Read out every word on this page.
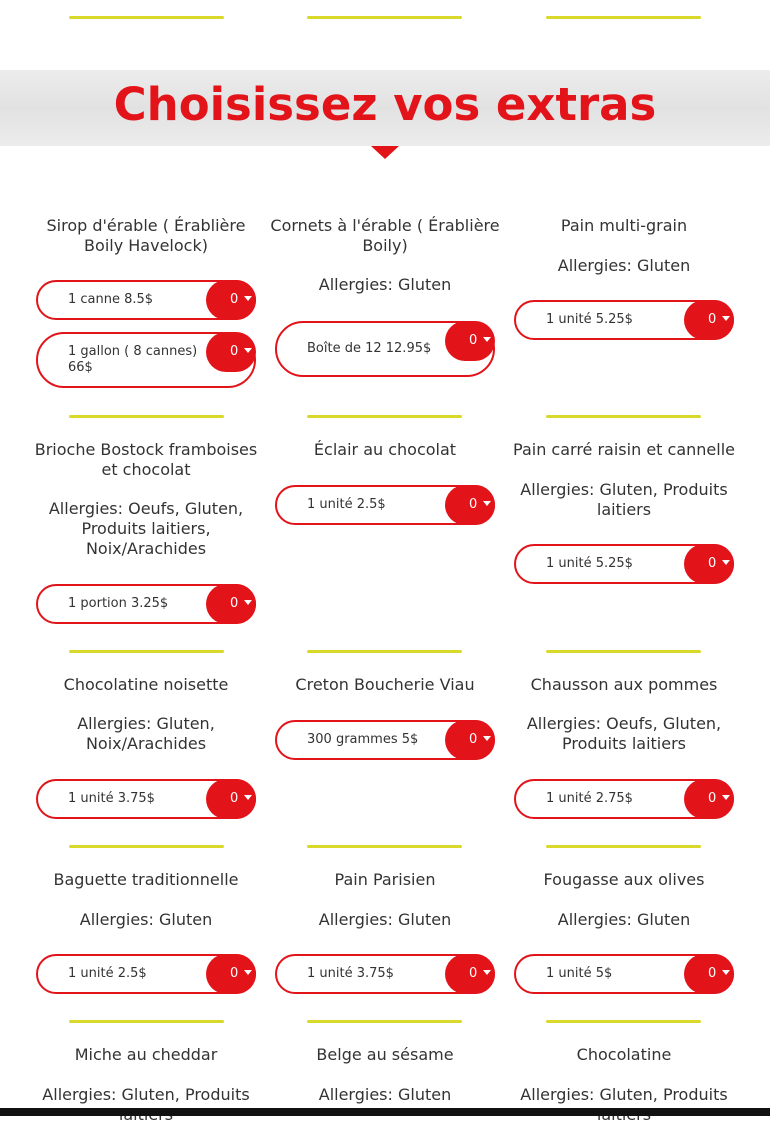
Choisissez vos extras
Sirop d'érable ( Érablière Boily Havelock)
1 canne 8.5$	0
1 gallon ( 8 cannes) 66$
0
Cornets à l'érable ( Érablière Boily)
Allergies: Gluten
Boîte de 12 12.95$
0
Pain multi-grain
Allergies: Gluten
1 unité 5.25$	0
Brioche Bostock framboises et chocolat
Allergies: Oeufs, Gluten, Produits laitiers, Noix/Arachides
1 portion 3.25$	0
Éclair au chocolat
1 unité 2.5$	0
Pain carré raisin et cannelle
Allergies: Gluten, Produits laitiers
1 unité 5.25$	0
Chocolatine noisette
Allergies: Gluten, Noix/Arachides
1 unité 3.75$	0
Creton Boucherie Viau
300 grammes 5$	0
Chausson aux pommes
Allergies: Oeufs, Gluten, Produits laitiers
1 unité 2.75$	0
Baguette traditionnelle
Allergies: Gluten
1 unité 2.5$	0
Pain Parisien
Allergies: Gluten
1 unité 3.75$	0
Fougasse aux olives
Allergies: Gluten
1 unité 5$	0
Miche au cheddar
Allergies: Gluten, Produits
Belge au sésame
Allergies: Gluten
Chocolatine
Allergies: Gluten, Produits
